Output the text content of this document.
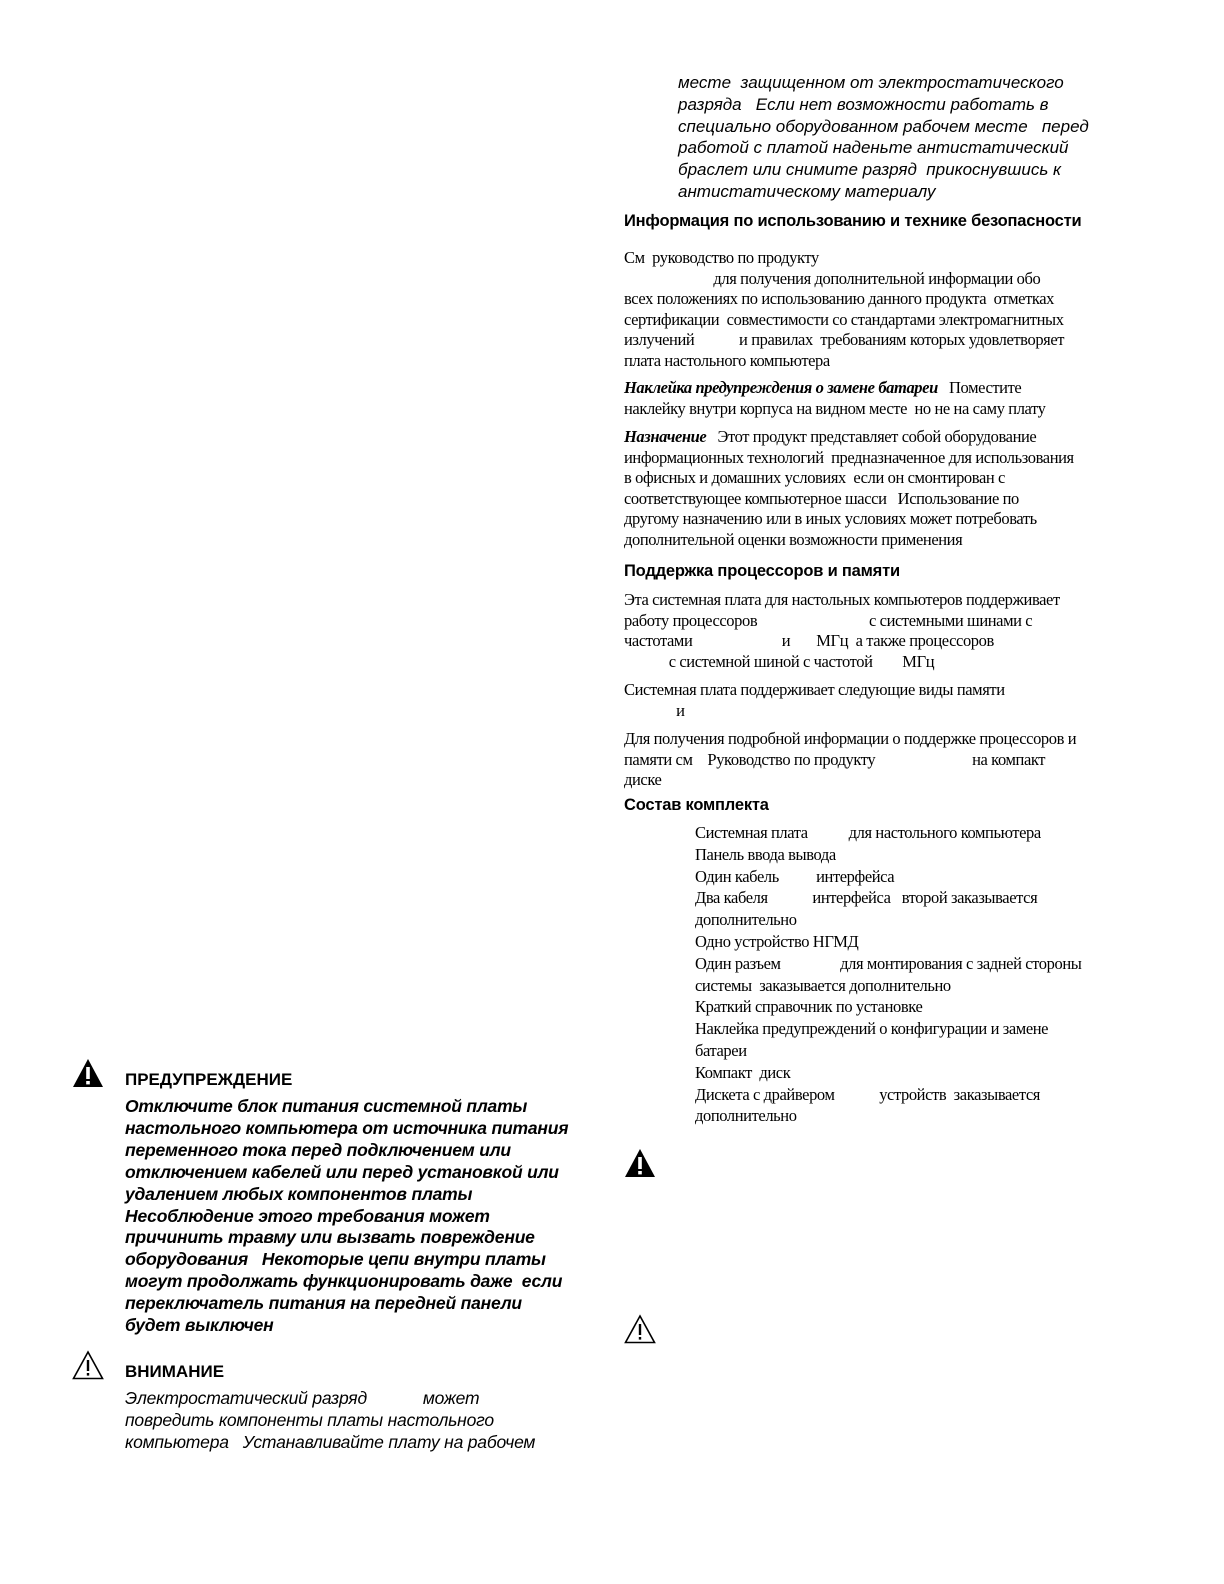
месте  защищенном от электростатического
разряда   Если нет возможности работать в
специально оборудованном рабочем месте   перед
работой с платой наденьте антистатический
браслет или снимите разряд  прикоснувшись к
антистатическому материалу
Информация по использованию и технике безопасности
См  руководство по продукту
для получения дополнительной информации обо
всех положениях по использованию данного продукта  отметках
сертификации  совместимости со стандартами электромагнитных
излучений            и правилах  требованиям которых удовлетворяет
плата настольного компьютера
Наклейка предупреждения о замене батареи   Поместите
наклейку внутри корпуса на видном месте  но не на саму плату
Назначение   Этот продукт представляет собой оборудование
информационных технологий  предназначенное для использования
в офисных и домашних условиях  если он смонтирован с
соответствующее компьютерное шасси   Использование по
другому назначению или в иных условиях может потребовать
дополнительной оценки возможности применения
Поддержка процессоров и памяти
Эта системная плата для настольных компьютеров поддерживает
работу процессоров                              с системными шинами с
частотами                        и       МГц  а также процессоров
с системной шиной с частотой        МГц
Системная плата поддерживает следующие виды памяти
и
Для получения подробной информации о поддержке процессоров и
памяти см    Руководство по продукту                          на компакт
диске
Состав комплекта
Системная плата           для настольного компьютера
Панель ввода вывода
Один кабель          интерфейса
Два кабеля            интерфейса   второй заказывается
дополнительно
Одно устройство НГМД
Один разъем                для монтирования с задней стороны
системы  заказывается дополнительно
Краткий справочник по установке
Наклейка предупреждений о конфигурации и замене
батареи
Компакт  диск
Дискета с драйвером            устройств  заказывается
дополнительно
ПРЕДУПРЕЖДЕНИЕ
Отключите блок питания системной платы
настольного компьютера от источника питания
переменного тока перед подключением или
отключением кабелей или перед установкой или
удалением любых компонентов платы
Несоблюдение этого требования может
причинить травму или вызвать повреждение
оборудования   Некоторые цепи внутри платы
могут продолжать функционировать даже  если
переключатель питания на передней панели
будет выключен
ВНИМАНИЕ
Электростатический разряд            может
повредить компоненты платы настольного
компьютера   Устанавливайте плату на рабочем
